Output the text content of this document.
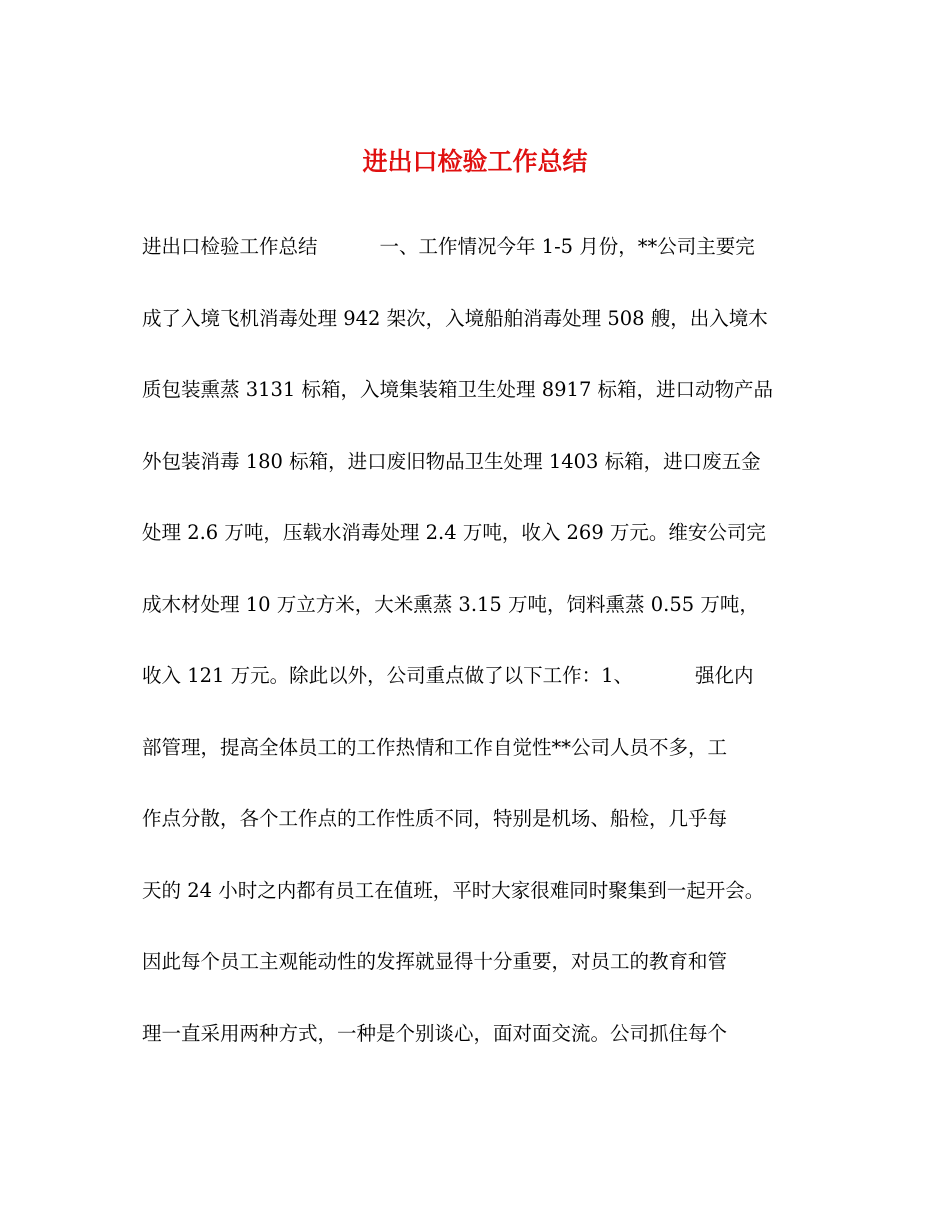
进出口检验工作总结
进出口检验工作总结          一、工作情况今年 1-5 月份，**公司主要完
成了入境飞机消毒处理 942 架次，入境船舶消毒处理 508 艘，出入境木
质包装熏蒸 3131 标箱，入境集装箱卫生处理 8917 标箱，进口动物产品
外包装消毒 180 标箱，进口废旧物品卫生处理 1403 标箱，进口废五金
处理 2.6 万吨，压载水消毒处理 2.4 万吨，收入 269 万元。维安公司完
成木材处理 10 万立方米，大米熏蒸 3.15 万吨，饲料熏蒸 0.55 万吨，
收入 121 万元。除此以外，公司重点做了以下工作：1、          强化内
部管理，提高全体员工的工作热情和工作自觉性**公司人员不多，工
作点分散，各个工作点的工作性质不同，特别是机场、船检，几乎每
天的 24 小时之内都有员工在值班，平时大家很难同时聚集到一起开会。
因此每个员工主观能动性的发挥就显得十分重要，对员工的教育和管
理一直采用两种方式，一种是个别谈心，面对面交流。公司抓住每个
